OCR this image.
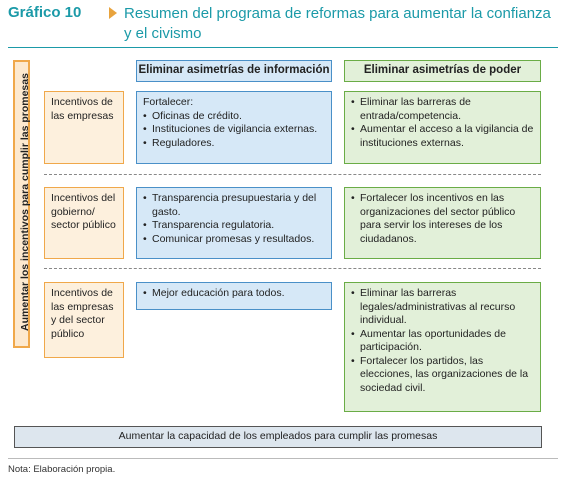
Gráfico 10	Resumen del programa de reformas para aumentar la confianza y el civismo
Aumentar los incentivos para cumplir las promesas
Eliminar asimetrías de información	Eliminar asimetrías de poder
Incentivos de las empresas
Fortalecer:
• Oficinas de crédito.
• Instituciones de vigilancia externas.
• Reguladores.
• Eliminar las barreras de entrada/competencia.
• Aumentar el acceso a la vigilancia de instituciones externas.
Incentivos del gobierno/ sector público
• Transparencia presupuestaria y del gasto.
• Transparencia regulatoria.
• Comunicar promesas y resultados.
• Fortalecer los incentivos en las organizaciones del sector público para servir los intereses de los ciudadanos.
Incentivos de las empresas y del sector público
• Mejor educación para todos.
•	Eliminar las barreras legales/administrativas al recurso individual.
• Aumentar las oportunidades de participación.
• Fortalecer los partidos, las elecciones, las organizaciones de la sociedad civil.
Aumentar la capacidad de los empleados para cumplir las promesas
Nota: Elaboración propia.
